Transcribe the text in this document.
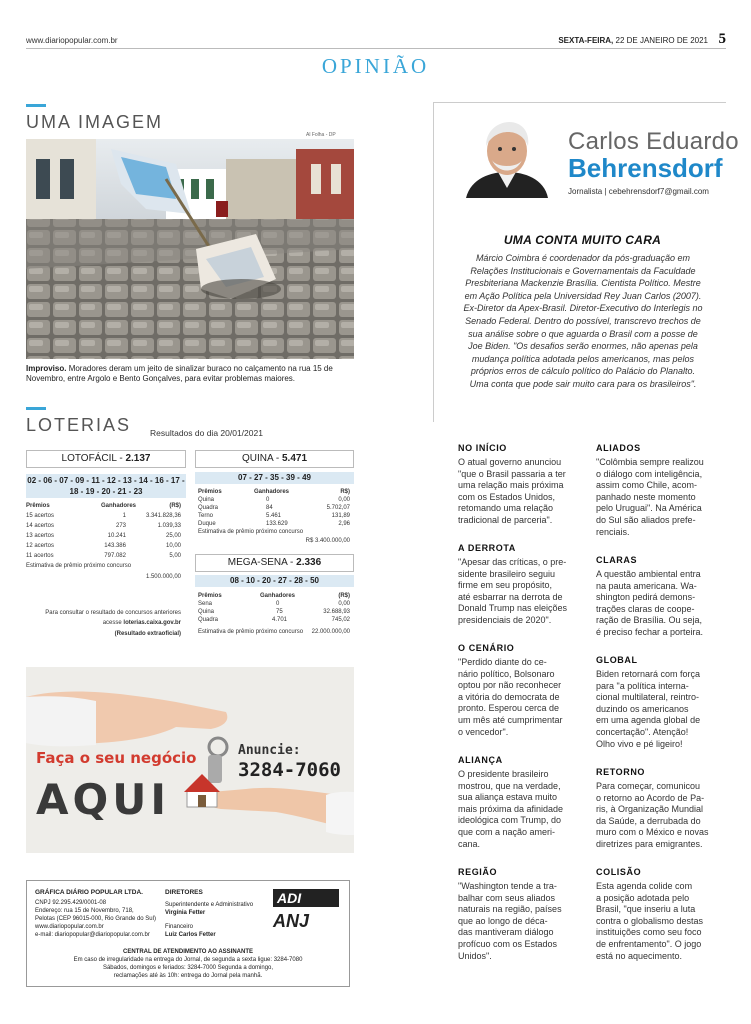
www.diariopopular.com.br	SEXTA-FEIRA, 22 DE JANEIRO DE 2021 5
OPINIÃO
UMA IMAGEM
Al Folha - DP
Improviso. Moradores deram um jeito de sinalizar buraco no calçamento na rua 15 de Novembro, entre Argolo e Bento Gonçalves, para evitar problemas maiores.
LOTERIAS Resultados do dia 20/01/2021
LOTOFÁCIL - 2.137
02 - 06 - 07 - 09 - 11 - 12 - 13 - 14 - 16 - 17 -
18 - 19 - 20 - 21 - 23
Prêmios	Ganhadores	(R$)
15 acertos	1	3.341.828,36
14 acertos	273	1.039,33
13 acertos	10.241	25,00
12 acertos	143.386	10,00
11 acertos	797.082	5,00
Estimativa de prêmio próximo concurso
1.500.000,00
Para consultar o resultado de concursos anteriores
acesse loterias.caixa.gov.br
(Resultado extraoficial)
QUINA - 5.471
07 - 27 - 35 - 39 - 49
Prêmios	Ganhadores	R$)
Quina	0	0,00
Quadra	84	5.702,07
Terno	5.461	131,89
Duque	133.629	2,96
Estimativa de prêmio próximo concurso
R$ 3.400.000,00
MEGA-SENA - 2.336
08 - 10 - 20 - 27 - 28 - 50
Prêmios	Ganhadores	(R$)
Sena	0	0,00
Quina	75	32.688,93
Quadra	4.701	745,02
Estimativa de prêmio próximo concurso 22.000.000,00
Faça o seu negócio
AQUI
Anuncie:
3284-7060
GRÁFICA DIÁRIO POPULAR LTDA.
CNPJ 92.295.429/0001-08
Endereço: rua 15 de Novembro, 718,
Pelotas (CEP 96015-000, Rio Grande do Sul)
www.diariopopular.com.br
e-mail: diariopopular@diariopopular.com.br
DIRETORES
Superintendente e Administrativo
Virgínia Fetter
Financeiro
Luiz Carlos Fetter
ADI
ANJ
CENTRAL DE ATENDIMENTO AO ASSINANTE
Em caso de irregularidade na entrega do Jornal, de segunda a sexta ligue: 3284-7080
Sábados, domingos e feriados: 3284-7000 Segunda a domingo,
reclamações até às 10h: entrega do Jornal pela manhã.
Carlos Eduardo
Behrensdorf
Jornalista | cebehrensdorf7@gmail.com
UMA CONTA MUITO CARA
Márcio Coimbra é coordenador da pós-graduação em
Relações Institucionais e Governamentais da Faculdade
Presbiteriana Mackenzie Brasília. Cientista Político. Mestre
em Ação Política pela Universidad Rey Juan Carlos (2007).
Ex-Diretor da Apex-Brasil. Diretor-Executivo do Interlegis no
Senado Federal. Dentro do possível, transcrevo trechos de
sua análise sobre o que aguarda o Brasil com a posse de
Joe Biden. "Os desafios serão enormes, não apenas pela
mudança política adotada pelos americanos, mas pelos
próprios erros de cálculo político do Palácio do Planalto.
Uma conta que pode sair muito cara para os brasileiros".
NO INÍCIO
O atual governo anunciou
"que o Brasil passaria a ter
uma relação mais próxima
com os Estados Unidos,
retomando uma relação
tradicional de parceria".
A DERROTA
"Apesar das críticas, o pre-
sidente brasileiro seguiu
firme em seu propósito,
até esbarrar na derrota de
Donald Trump nas eleições
presidenciais de 2020".
O CENÁRIO
"Perdido diante do ce-
nário político, Bolsonaro
optou por não reconhecer
a vitória do democrata de
pronto. Esperou cerca de
um mês até cumprimentar
o vencedor".
ALIANÇA
O presidente brasileiro
mostrou, que na verdade,
sua aliança estava muito
mais próxima da afinidade
ideológica com Trump, do
que com a nação ameri-
cana.
REGIÃO
"Washington tende a tra-
balhar com seus aliados
naturais na região, países
que ao longo de déca-
das mantiveram diálogo
profícuo com os Estados
Unidos".
ALIADOS
"Colômbia sempre realizou
o diálogo com inteligência,
assim como Chile, acom-
panhado neste momento
pelo Uruguai". Na América
do Sul são aliados prefe-
renciais.
CLARAS
A questão ambiental entra
na pauta americana. Wa-
shington pedirá demons-
trações claras de coope-
ração de Brasília. Ou seja,
é preciso fechar a porteira.
GLOBAL
Biden retornará com força
para "a política interna-
cional multilateral, reintro-
duzindo os americanos
em uma agenda global de
concertação". Atenção!
Olho vivo e pé ligeiro!
RETORNO
Para começar, comunicou
o retorno ao Acordo de Pa-
ris, à Organização Mundial
da Saúde, a derrubada do
muro com o México e novas
diretrizes para emigrantes.
COLISÃO
Esta agenda colide com
a posição adotada pelo
Brasil, "que inseriu a luta
contra o globalismo destas
instituições como seu foco
de enfrentamento". O jogo
está no aquecimento.
